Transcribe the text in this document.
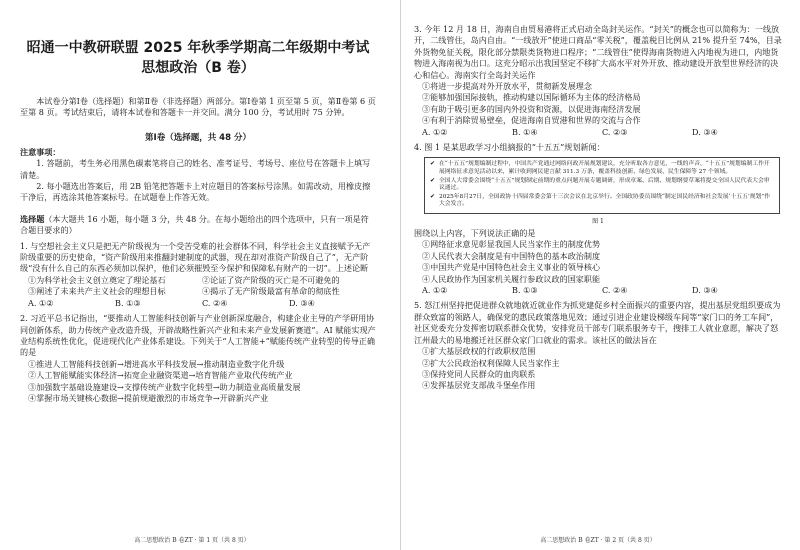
昭通一中教研联盟 2025 年秋季学期高二年级期中考试
思想政治（B 卷）

本试卷分第Ⅰ卷（选择题）和第Ⅱ卷（非选择题）两部分。第Ⅰ卷第 1 页至第 5 页，第Ⅱ卷第 6 页至第 8 页。考试结束后，请将本试卷和答题卡一并交回。满分 100 分，考试用时 75 分钟。

第Ⅰ卷（选择题，共 48 分）

注意事项：

1. 答题前，考生务必用黑色碳素笔将自己的姓名、准考证号、考场号、座位号在答题卡上填写清楚。

2. 每小题选出答案后，用 2B 铅笔把答题卡上对应题目的答案标号涂黑。如需改动，用橡皮擦干净后，再选涂其他答案标号。在试题卷上作答无效。

选择题（本大题共 16 小题，每小题 3 分，共 48 分。在每小题给出的四个选项中，只有一项是符合题目要求的）

1. 与空想社会主义只是把无产阶级视为一个受苦受难的社会群体不同，科学社会主义直接赋予无产阶级重要的历史使命，“资产阶级用来推翻封建制度的武器，现在却对准资产阶级自己了”，无产阶级“没有什么自己的东西必须加以保护，他们必须摧毁至今保护和保障私有财产的一切”。上述论断

①为科学社会主义创立奠定了理论基石	②论证了资产阶级的灭亡是不可避免的
③阐述了未来共产主义社会的理想目标	④揭示了无产阶级最富有革命的彻底性
A. ①②	B. ①③	C. ②④	D. ③④

2. 习近平总书记指出，“要推动人工智能科技创新与产业创新深度融合，构建企业主导的产学研用协同创新体系，助力传统产业改造升级，开辟战略性新兴产业和未来产业发展新赛道”。AI 赋能实现产业结构系统性优化，促进现代化产业体系建设。下列关于“人工智能+”赋能传统产业转型的传导正确的是

①推进人工智能科技创新→增进高水平科技发展→推动制造业数字化升级

②人工智能赋能实体经济→拓宽企业融资渠道→培育智能产业取代传统产业

③加强数字基础设施建设→支撑传统产业数字化转型→助力制造业高质量发展

④掌握市场关键核心数据→提前规避激烈的市场竞争→开辟新兴产业

高二思想政治 B 卷ZT · 第 1 页（共 8 页）

3. 今年 12 月 18 日，海南自由贸易港将正式启动全岛封关运作。“封关”的概念也可以简称为：一线放开，二线管住，岛内自由。“一线放开”使进口商品“零关税”，覆盖税目比例从 21% 提升至 74%，目录外货物免征关税，限化部分禁限类货物进口程序；“二线管住”使得海南货物进入内地视为进口，内地货物进入海南视为出口。这充分昭示出我国坚定不移扩大高水平对外开放、推动建设开放型世界经济的决心和信心。海南实行全岛封关运作

①将进一步提高对外开放水平，贯彻新发展理念

②能够加强国际接轨，推动构建以国际循环为主体的经济格局

③有助于吸引更多的国内外投资和资源，以促进海南经济发展

④有利于消除贸易壁垒，促进海南自贸港和世界的交流与合作

A. ①②	B. ①④	C. ②③	D. ③④

4. 图 1 是某思政学习小组摘报的“十五五”规划新闻：

✔ 在“十五五”规划编制过程中，中国共产党通过网络问政开展规划建议，充分听取各方意见，一线的声音，“十五五”规划编制工作开展网络征求意见活动以来，累计收到网民建言献 311.3 万条，覆盖科技创新、绿色发展、民生保障等 27 个领域。

✔ 全国人大常委会围绕“十五五”规划制定前期的重点问题开展专题调研，形成章案、后期、规划纲要草案将提交全国人民代表大会审议通过。

✔ 2025年8月27日，全国政协十四届常委会第十三次会议在北京举行。全国政协委员围绕“制定国民经济和社会发展‘十五五’规划”作大会发言。

图 1

围绕以上内容，下列说法正确的是

①网络征求意见彰显我国人民当家作主的制度优势

②人民代表大会制度是有中国特色的基本政治制度

③中国共产党是中国特色社会主义事业的领导核心

④人民政协作为国家机关履行参政议政的国家职能

A. ①②	B. ①③	C. ②④	D. ③④

5. 怒江州坚持把促进群众就地就近就业作为抓党建促乡村全面振兴的重要内容，提出基层党组织要成为群众致富的领路人，确保党的惠民政策落地见效；通过引进企业建设梯级车间等“家门口的务工车间”，社区党委充分发挥密切联系群众优势，安排党员干部专门联系服务专干，搜排工人就业意愿，解决了怒江州最大的易地搬迁社区群众家门口就业的需求。该社区的做法旨在

①扩大基层政权的行政职权范围

②扩大公民政治权利保障人民当家作主

③保持党同人民群众的血肉联系

④发挥基层党支部战斗堡垒作用

高二思想政治 B 卷ZT · 第 2 页（共 8 页）
